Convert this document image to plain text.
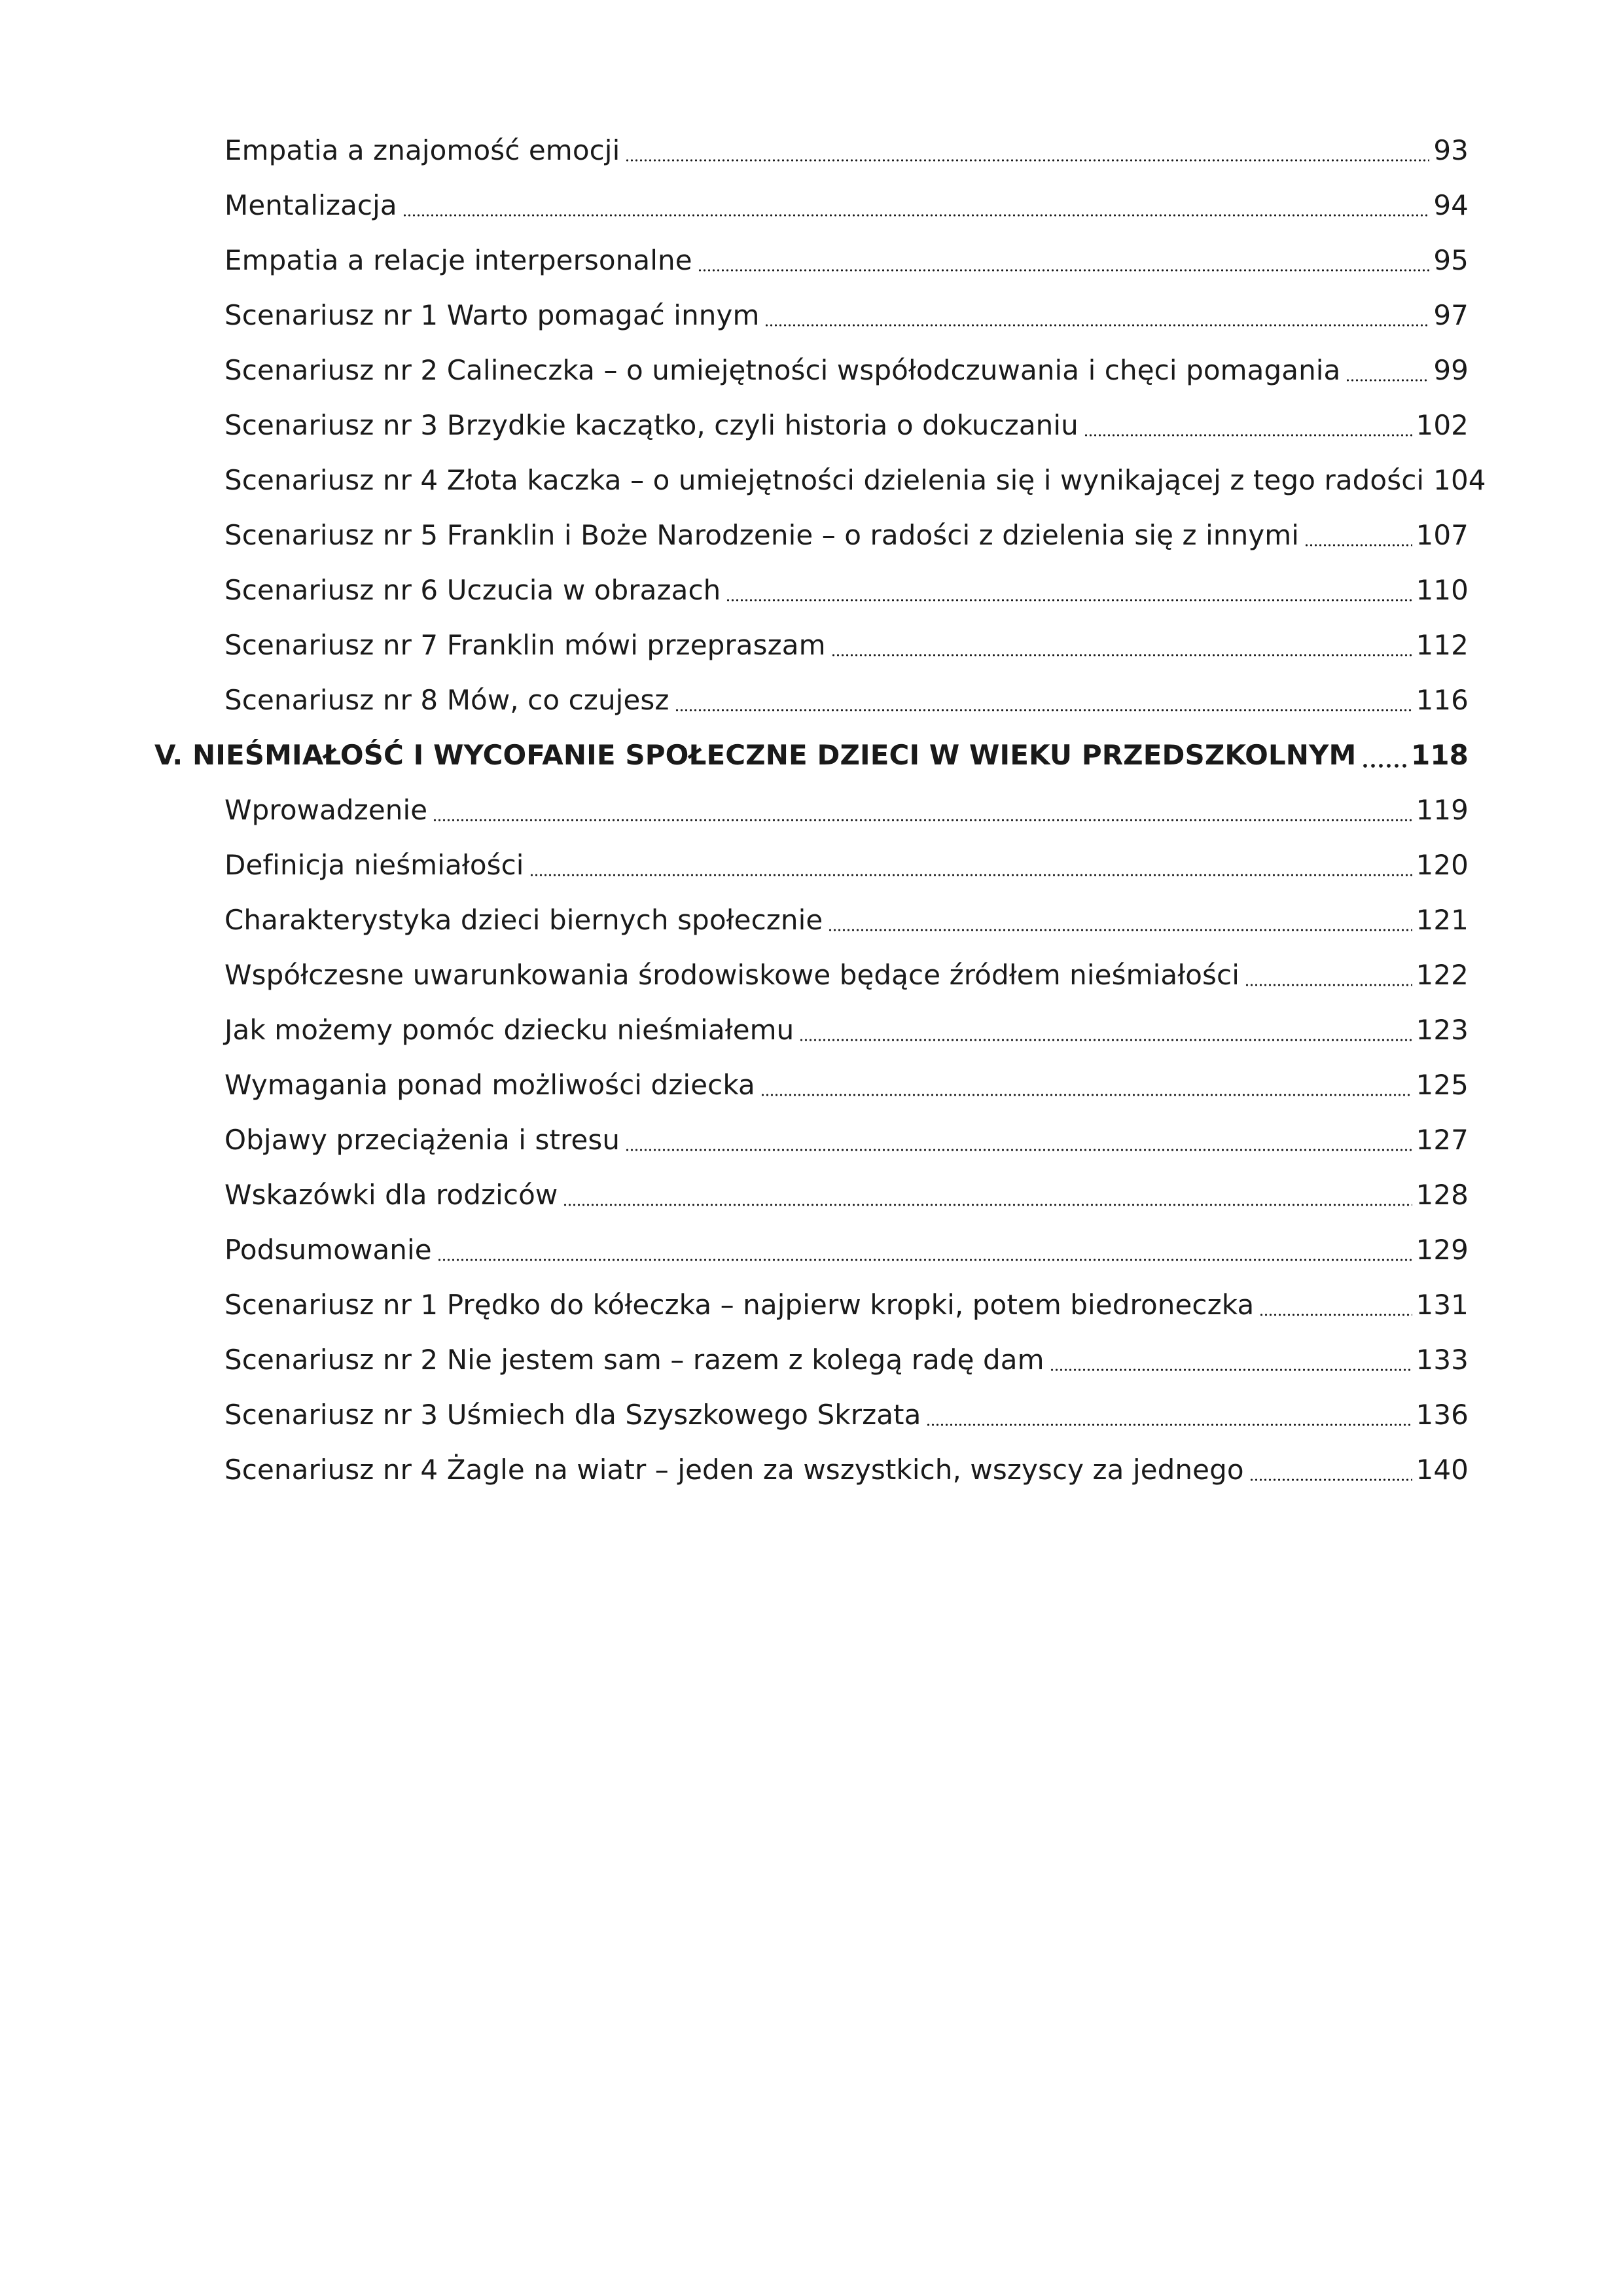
Empatia a znajomość emocji	93
Mentalizacja	94
Empatia a relacje interpersonalne	95
Scenariusz nr 1 Warto pomagać innym	97
Scenariusz nr 2 Calineczka – o umiejętności współodczuwania i chęci pomagania	99
Scenariusz nr 3 Brzydkie kaczątko, czyli historia o dokuczaniu	102
Scenariusz nr 4 Złota kaczka – o umiejętności dzielenia się i wynikającej z tego radości 104
Scenariusz nr 5 Franklin i Boże Narodzenie – o radości z dzielenia się z innymi	107
Scenariusz nr 6 Uczucia w obrazach	110
Scenariusz nr 7 Franklin mówi przepraszam	112
Scenariusz nr 8 Mów, co czujesz	116
V. NIEŚMIAŁOŚĆ I WYCOFANIE SPOŁECZNE DZIECI W WIEKU PRZEDSZKOLNYM 118
Wprowadzenie	119
Definicja nieśmiałości	120
Charakterystyka dzieci biernych społecznie	121
Współczesne uwarunkowania środowiskowe będące źródłem nieśmiałości	122
Jak możemy pomóc dziecku nieśmiałemu	123
Wymagania ponad możliwości dziecka	125
Objawy przeciążenia i stresu	127
Wskazówki dla rodziców	128
Podsumowanie	129
Scenariusz nr 1 Prędko do kółeczka – najpierw kropki, potem biedroneczka	131
Scenariusz nr 2 Nie jestem sam – razem z kolegą radę dam	133
Scenariusz nr 3 Uśmiech dla Szyszkowego Skrzata	136
Scenariusz nr 4 Żagle na wiatr – jeden za wszystkich, wszyscy za jednego	140
